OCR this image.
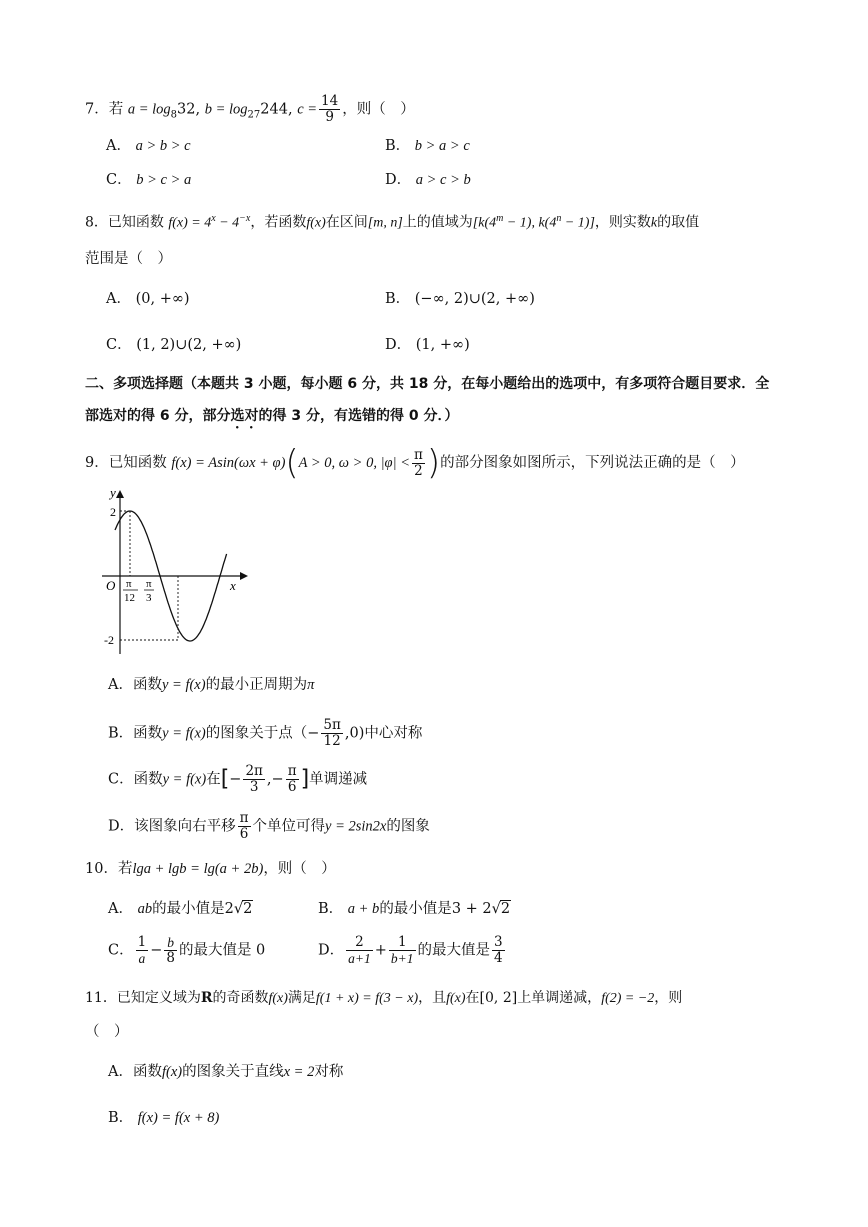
7．若 $a = \log_832$, $b = \log_{27}244$, $c = \frac{14}{9}$ ，则（　）
A． a > b > c	B． b > a > c
C． b > c > a	D． a > c > b
8．已知函数 $f(x) = 4^x - 4^{-x}$，若函数f(x)在区间[m, n]上的值域为[$k(4^m - 1)$, $k(4^n - 1)$]，则实数k的取值
范围是（　）
A． (0, +∞)	B． (−∞, 2)∪(2, +∞)
C． (1, 2)∪(2, +∞)	D． (1, +∞)
二、多项选择题（本题共 3 小题，每小题 6 分，共 18 分，在每小题给出的选项中，有多项符合题目要求．全
部选对的得 6 分，部分选对的得 3 分，有选错的得 0 分．）
9．已知函数 f(x) = Asin(ωx + φ)(A > 0, ω > 0, $|\varphi| < \frac{\pi}{2}$ )的部分图象如图所示，下列说法正确的是（　）
y
x
O
2
-2
π
12
π
3
A．函数y = f(x)的最小正周期为π
B．函数y = f(x)的图象关于点（− $\frac{5\pi}{12} ,0$)中心对称
C．函数y = f(x)在[− $\frac{2\pi}{3}$ ,− $\frac{\pi}{6}$ ]单调递减
D．该图象向右平移 $\frac{\pi}{6}$ 个单位可得y = 2sin2x的图象
10．若lga + lgb = lg(a + 2b)，则（　）
A． ab的最小值是2√2	B． a + b的最小值是3 + 2√2
C． $\frac{1}{a} - \frac{b}{8}$ 的最大值是 0	D． $\frac{2}{a+1} + \frac{1}{b+1}$ 的最大值是 $\frac{3}{4}$
11．已知定义域为R的奇函数f(x)满足f(1 + x) = f(3 − x)，且f(x)在[0, 2]上单调递减，f(2) = −2，则
（　）
A．函数f(x)的图象关于直线x = 2对称
B． f(x) = f(x + 8)
